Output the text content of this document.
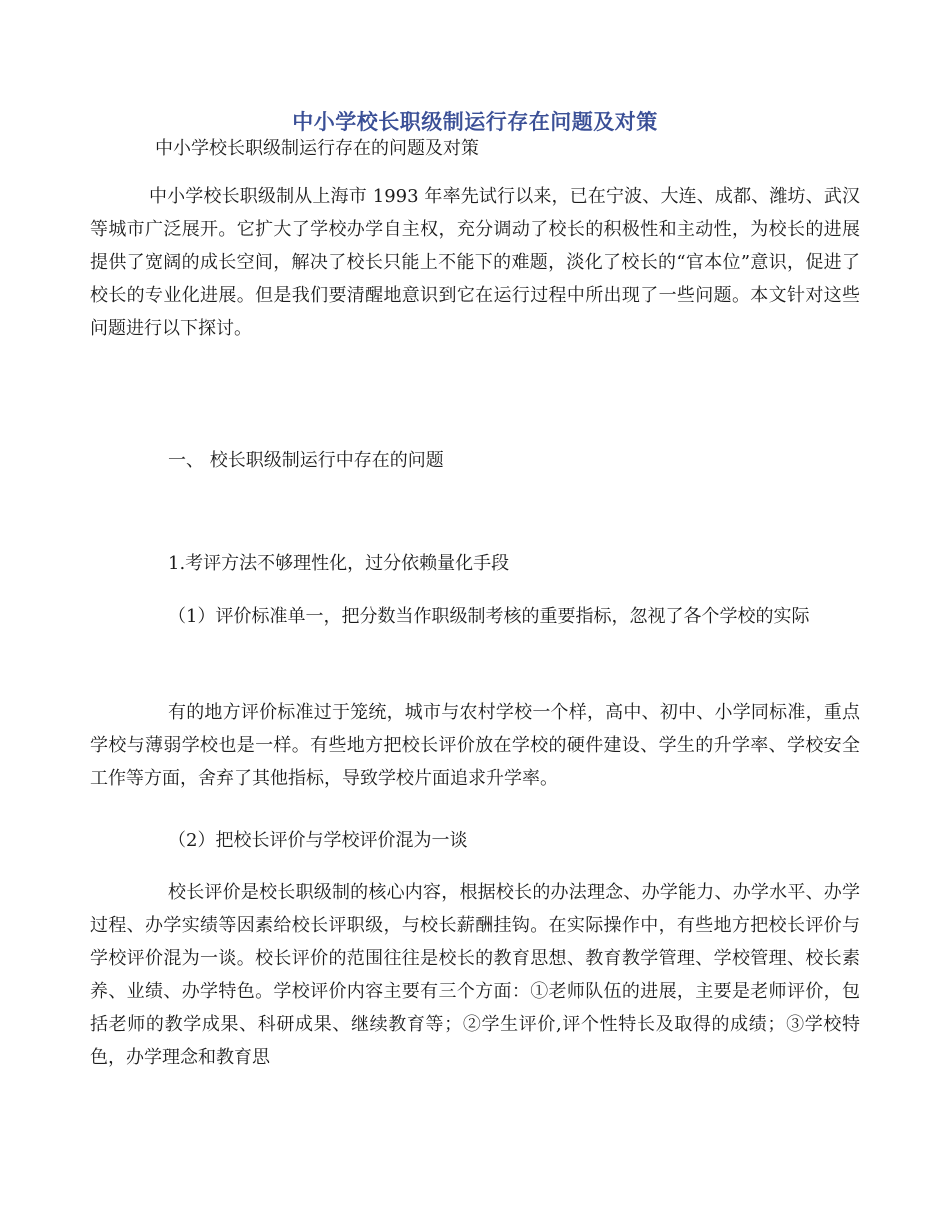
中小学校长职级制运行存在问题及对策
中小学校长职级制运行存在的问题及对策

中小学校长职级制从上海市 1993 年率先试行以来，已在宁波、大连、成都、潍坊、武汉等城市广泛展开。它扩大了学校办学自主权，充分调动了校长的积极性和主动性，为校长的进展提供了宽阔的成长空间，解决了校长只能上不能下的难题，淡化了校长的“官本位”意识，促进了校长的专业化进展。但是我们要清醒地意识到它在运行过程中所出现了一些问题。本文针对这些问题进行以下探讨。

一、 校长职级制运行中存在的问题

1.考评方法不够理性化，过分依赖量化手段

（1）评价标准单一，把分数当作职级制考核的重要指标，忽视了各个学校的实际

有的地方评价标准过于笼统，城市与农村学校一个样，高中、初中、小学同标准，重点学校与薄弱学校也是一样。有些地方把校长评价放在学校的硬件建设、学生的升学率、学校安全工作等方面，舍弃了其他指标，导致学校片面追求升学率。

（2）把校长评价与学校评价混为一谈

校长评价是校长职级制的核心内容，根据校长的办法理念、办学能力、办学水平、办学过程、办学实绩等因素给校长评职级，与校长薪酬挂钩。在实际操作中，有些地方把校长评价与学校评价混为一谈。校长评价的范围往往是校长的教育思想、教育教学管理、学校管理、校长素养、业绩、办学特色。学校评价内容主要有三个方面：①老师队伍的进展，主要是老师评价，包括老师的教学成果、科研成果、继续教育等；②学生评价,评个性特长及取得的成绩；③学校特色，办学理念和教育思
